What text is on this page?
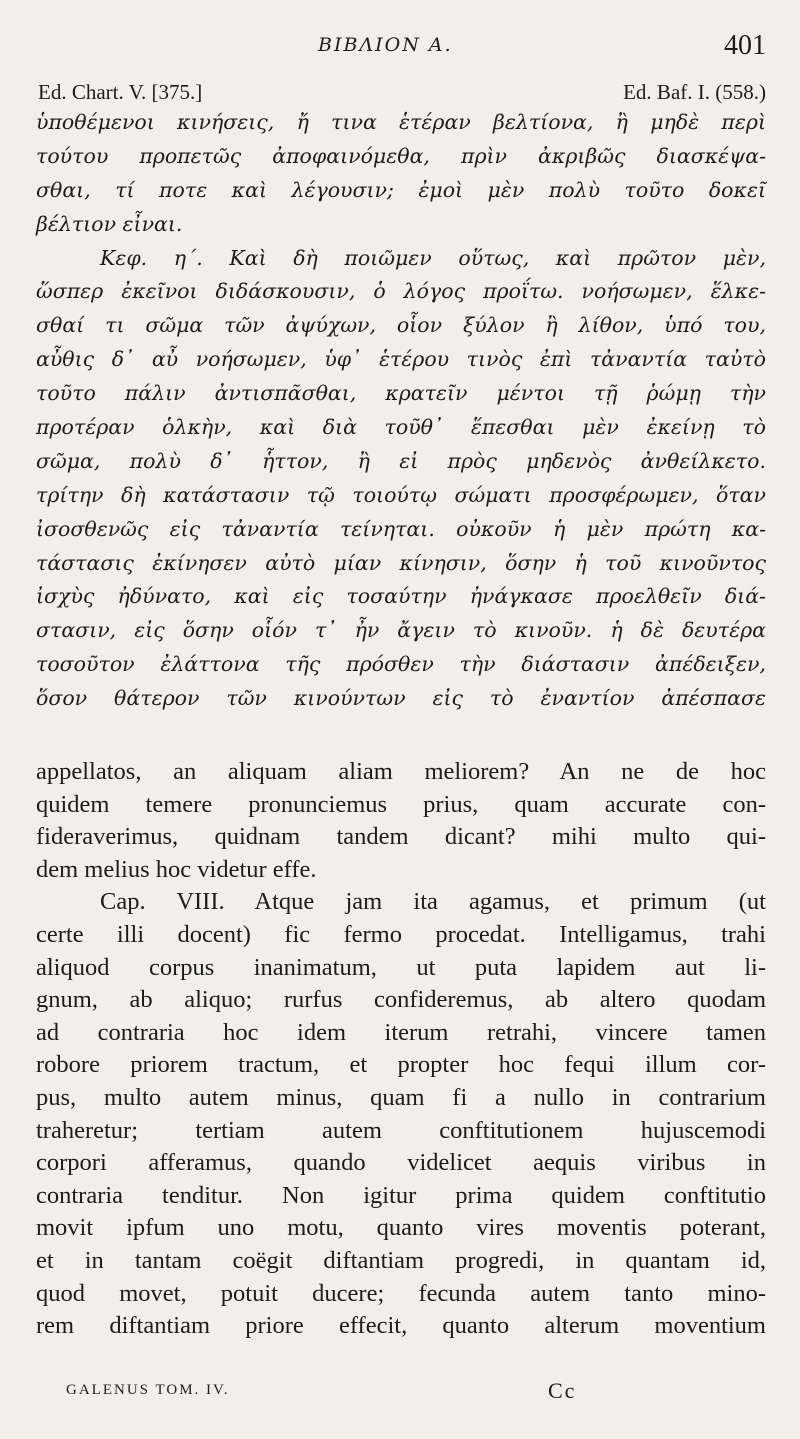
ΒΙΒΛΙΟΝ Α.	401
Ed. Chart. V. [375.]	Ed. Baf. I. (558.)
ὑποθέμενοι κινήσεις, ἤ τινα ἑτέραν βελτίονα, ἢ μηδὲ περὶ
τούτου προπετῶς ἀποφαινόμεθα, πρὶν ἀκριβῶς διασκέψα-
σθαι, τί ποτε καὶ λέγουσιν; ἐμοὶ μὲν πολὺ τοῦτο δοκεῖ
βέλτιον εἶναι.
Κεφ. η΄. Καὶ δὴ ποιῶμεν οὕτως, καὶ πρῶτον μὲν,
ὥσπερ ἐκεῖνοι διδάσκουσιν, ὁ λόγος προΐτω. νοήσωμεν, ἕλκε-
σθαί τι σῶμα τῶν ἀψύχων, οἷον ξύλον ἢ λίθον, ὑπό του,
αὖθις δ᾽ αὖ νοήσωμεν, ὑφ᾽ ἑτέρου τινὸς ἐπὶ τἀναντία ταὐτὸ
τοῦτο πάλιν ἀντισπᾶσθαι, κρατεῖν μέντοι τῇ ῥώμῃ τὴν
προτέραν ὁλκὴν, καὶ διὰ τοῦθ᾽ ἕπεσθαι μὲν ἐκείνῃ τὸ
σῶμα, πολὺ δ᾽ ἧττον, ἢ εἰ πρὸς μηδενὸς ἀνθείλκετο.
τρίτην δὴ κατάστασιν τῷ τοιούτῳ σώματι προσφέρωμεν, ὅταν
ἰσοσθενῶς εἰς τἀναντία τείνηται. οὐκοῦν ἡ μὲν πρώτη κα-
τάστασις ἐκίνησεν αὐτὸ μίαν κίνησιν, ὅσην ἡ τοῦ κινοῦντος
ἰσχὺς ἠδύνατο, καὶ εἰς τοσαύτην ἠνάγκασε προελθεῖν διά-
στασιν, εἰς ὅσην οἷόν τ᾽ ἦν ἄγειν τὸ κινοῦν. ἡ δὲ δευτέρα
τοσοῦτον ἐλάττονα τῆς πρόσθεν τὴν διάστασιν ἀπέδειξεν,
ὅσον θάτερον τῶν κινούντων εἰς τὸ ἐναντίον ἀπέσπασε
appellatos, an aliquam aliam meliorem? An ne de hoc
quidem temere pronunciemus prius, quam accurate con-
fideraverimus, quidnam tandem dicant? mihi multo qui-
dem melius hoc videtur effe.
Cap. VIII. Atque jam ita agamus, et primum (ut
certe illi docent) fic fermo procedat. Intelligamus, trahi
aliquod corpus inanimatum, ut puta lapidem aut li-
gnum, ab aliquo; rurfus confideremus, ab altero quodam
ad contraria hoc idem iterum retrahi, vincere tamen
robore priorem tractum, et propter hoc fequi illum cor-
pus, multo autem minus, quam fi a nullo in contrarium
traheretur; tertiam autem conftitutionem hujuscemodi
corpori afferamus, quando videlicet aequis viribus in
contraria tenditur. Non igitur prima quidem conftitutio
movit ipfum uno motu, quanto vires moventis poterant,
et in tantam coëgit diftantiam progredi, in quantam id,
quod movet, potuit ducere; fecunda autem tanto mino-
rem diftantiam priore effecit, quanto alterum moventium
GALENUS TOM. IV.	Cc
